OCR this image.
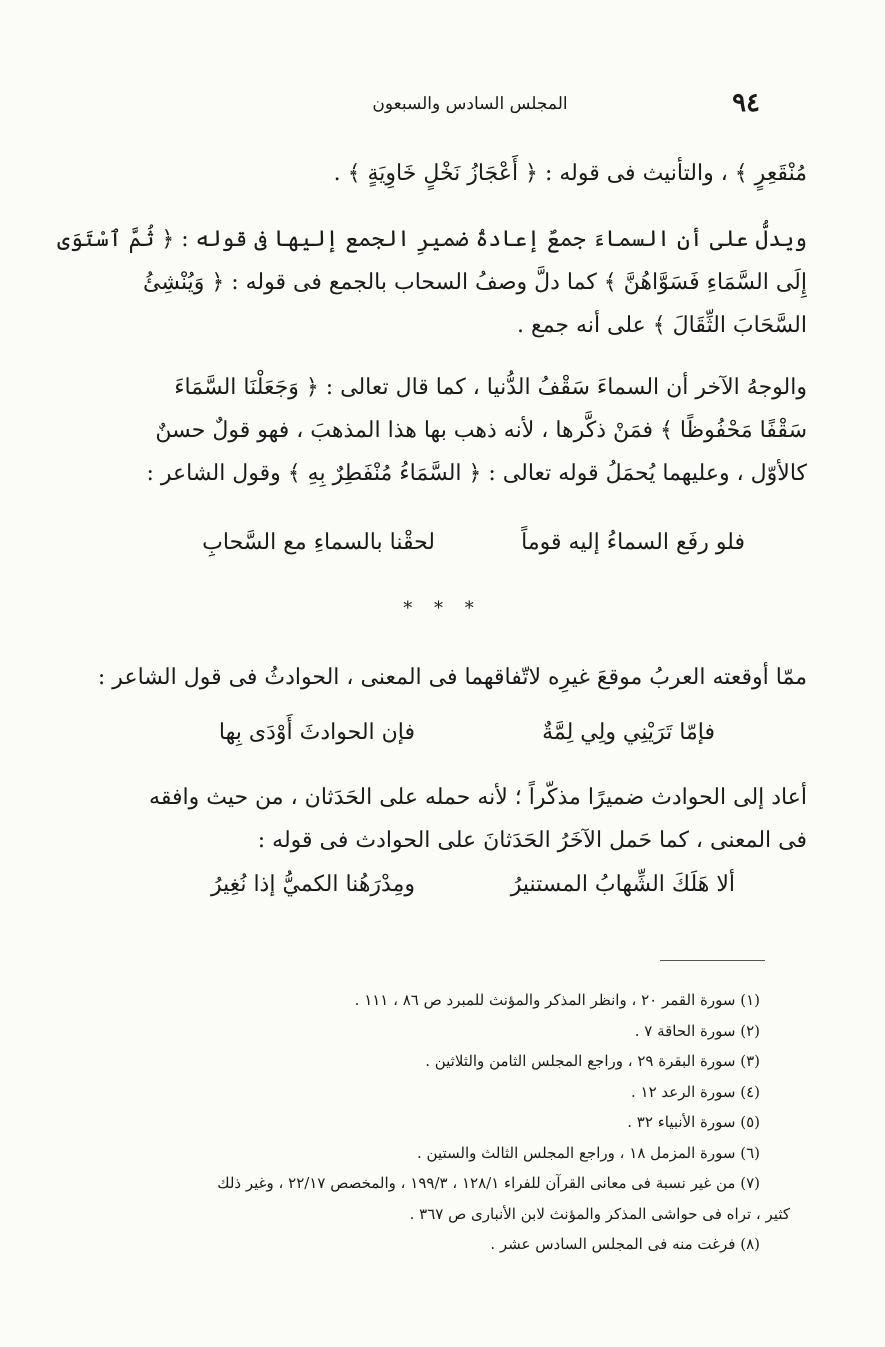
٩٤
المجلس السادس والسبعون
مُنْقَعِرٍ ﴾ ، والتأنيث فى قوله : ﴿ أَعْجَازُ نَخْلٍ خَاوِيَةٍ ﴾ .
ويدلُّ على أن السماءَ جمعٌ إعادةُ ضميرِ الجمع إليها فى قوله : ﴿ ثُمَّ ٱسْتَوَى
إِلَى السَّمَاءِ فَسَوَّاهُنَّ ﴾ كما دلَّ وصفُ السحاب بالجمع فى قوله : ﴿ وَيُنْشِئُ
السَّحَابَ الثِّقَالَ ﴾ على أنه جمع .
والوجهُ الآخر أن السماءَ سَقْفُ الدُّنيا ، كما قال تعالى : ﴿ وَجَعَلْنَا السَّمَاءَ
سَقْفًا مَحْفُوظًا ﴾ فمَنْ ذكَّرها ، لأنه ذهب بها هذا المذهبَ ، فهو قولٌ حسنٌ
كالأوّل ، وعليهما يُحمَلُ قوله تعالى : ﴿ السَّمَاءُ مُنْفَطِرٌ بِهِ ﴾ وقول الشاعر :
فلو رفَع السماءُ إليه قوماً
لحقْنا بالسماءِ مع السَّحابِ
* * *
ممّا أوقعته العربُ موقعَ غيرِه لاتّفاقهما فى المعنى ، الحوادثُ فى قول الشاعر :
فإمّا تَرَيْنِي ولِي لِمَّةٌ
فإن الحوادثَ أَوْدَى بِها
أعاد إلى الحوادث ضميرًا مذكّراً ؛ لأنه حمله على الحَدَثان ، من حيث وافقه
فى المعنى ، كما حَمل الآخَرُ الحَدَثانَ على الحوادث فى قوله :
ألا هَلَكَ الشِّهابُ المستنيرُ
ومِدْرَهُنا الكميُّ إذا نُغِيرُ
(١) سورة القمر ٢٠ ، وانظر المذكر والمؤنث للمبرد ص ٨٦ ، ١١١ .
(٢) سورة الحاقة ٧ .
(٣) سورة البقرة ٢٩ ، وراجع المجلس الثامن والثلاثين .
(٤) سورة الرعد ١٢ .
(٥) سورة الأنبياء ٣٢ .
(٦) سورة المزمل ١٨ ، وراجع المجلس الثالث والستين .
(٧) من غير نسبة فى معانى القرآن للفراء ١٢٨/١ ، ١٩٩/٣ ، والمخصص ٢٢/١٧ ، وغير ذلك
كثير ، تراه فى حواشى المذكر والمؤنث لابن الأنبارى ص ٣٦٧ .
(٨) فرغت منه فى المجلس السادس عشر .
